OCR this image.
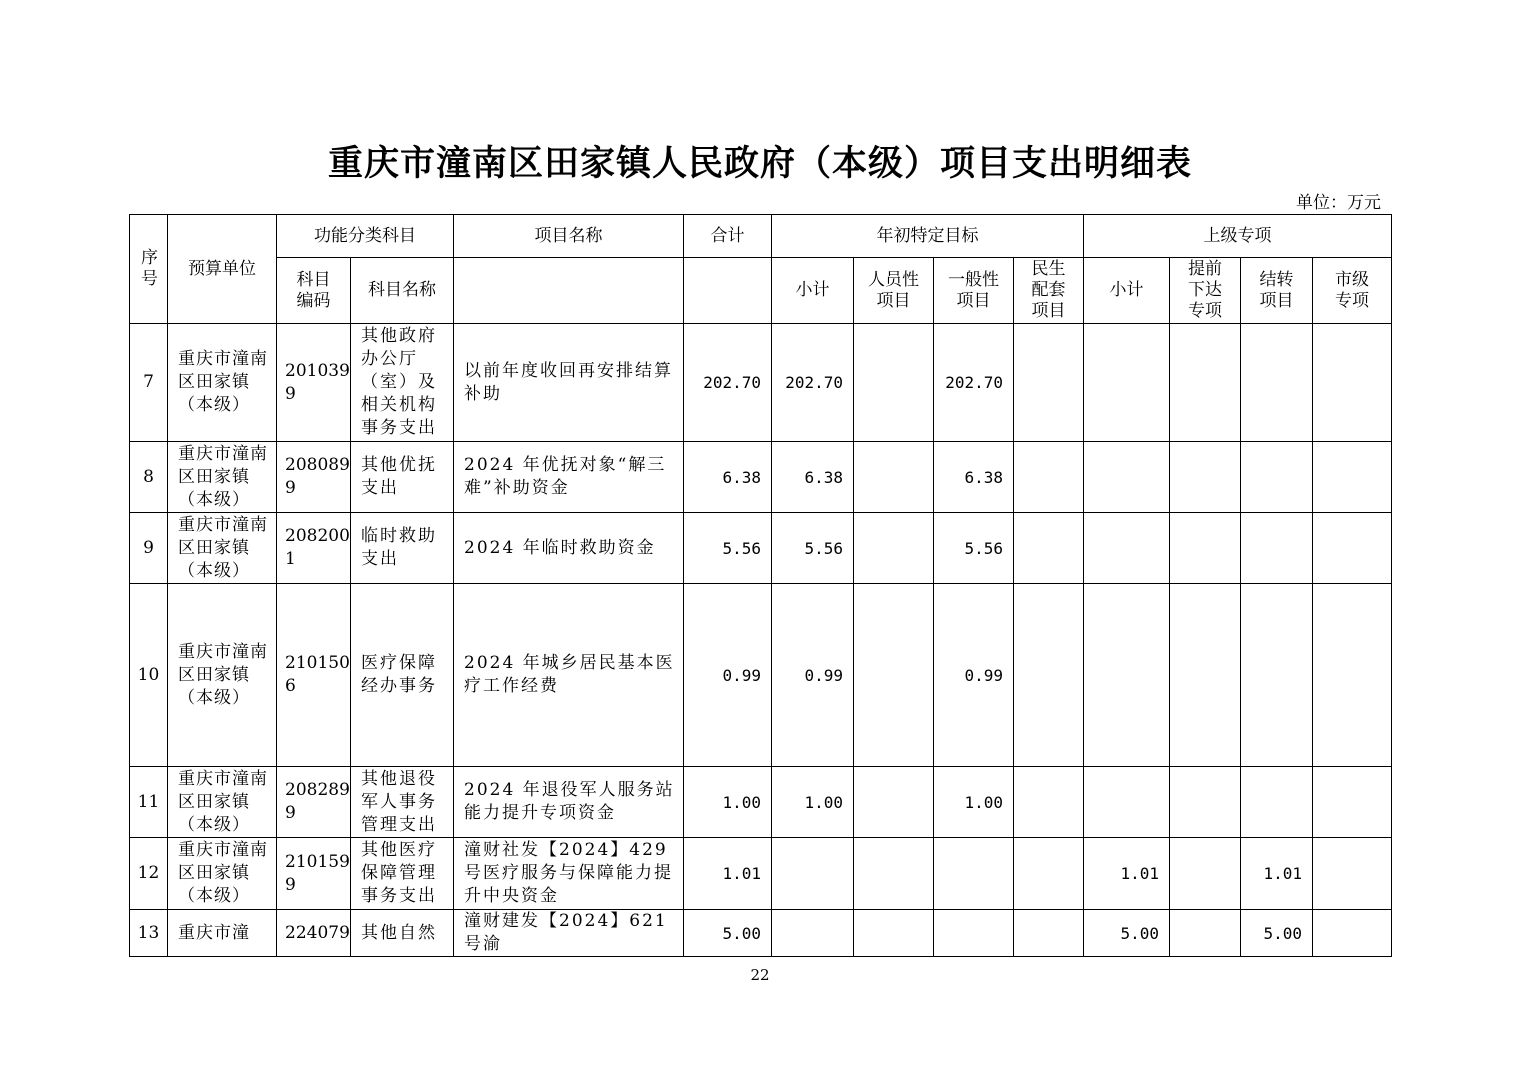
重庆市潼南区田家镇人民政府（本级）项目支出明细表
单位：万元
序号	预算单位	功能分类科目		项目名称	合计	年初特定目标				上级专项			
		科目编码	科目名称			小计	人员性项目	一般性项目	民生配套项目	小计	提前下达专项	结转项目	市级专项
7	重庆市潼南区田家镇（本级）	2010399	其他政府办公厅（室）及相关机构事务支出	以前年度收回再安排结算补助	202.70	202.70		202.70					
8	重庆市潼南区田家镇（本级）	2080899	其他优抚支出	2024 年优抚对象“解三难”补助资金	6.38	6.38		6.38					
9	重庆市潼南区田家镇（本级）	2082001	临时救助支出	2024 年临时救助资金	5.56	5.56		5.56					
10	重庆市潼南区田家镇（本级）	2101506	医疗保障经办事务	2024 年城乡居民基本医疗工作经费	0.99	0.99		0.99					
11	重庆市潼南区田家镇（本级）	2082899	其他退役军人事务管理支出	2024 年退役军人服务站能力提升专项资金	1.00	1.00		1.00					
12	重庆市潼南区田家镇（本级）	2101599	其他医疗保障管理事务支出	潼财社发【2024】429 号医疗服务与保障能力提升中央资金	1.01					1.01		1.01	
13	重庆市潼	224079	其他自然	潼财建发【2024】621 号渝	5.00					5.00		5.00	
22
